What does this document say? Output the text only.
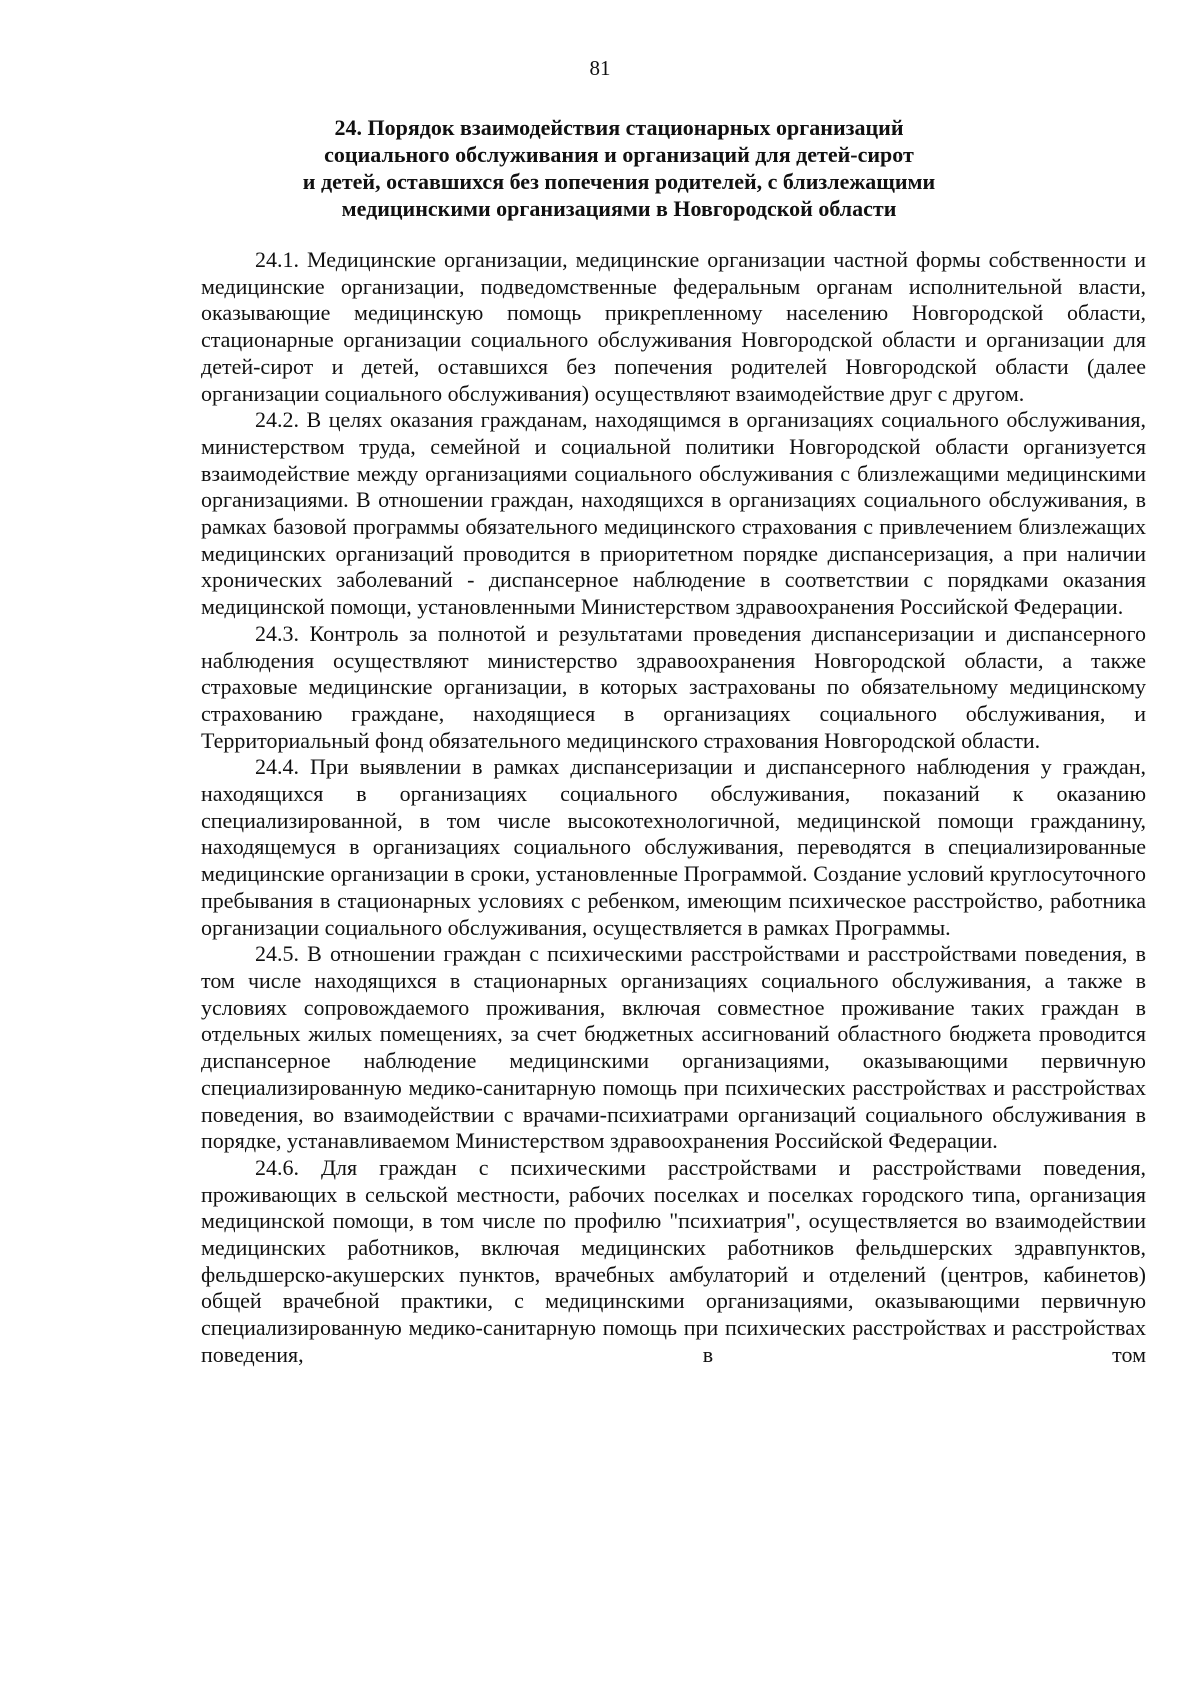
81
24. Порядок взаимодействия стационарных организаций
социального обслуживания и организаций для детей-сирот
и детей, оставшихся без попечения родителей, с близлежащими
медицинскими организациями в Новгородской области

24.1. Медицинские организации, медицинские организации частной формы собственности и медицинские организации, подведомственные федеральным органам исполнительной власти, оказывающие медицинскую помощь прикрепленному населению Новгородской области, стационарные организации социального обслуживания Новгородской области и организации для детей-сирот и детей, оставшихся без попечения родителей Новгородской области (далее организации социального обслуживания) осуществляют взаимодействие друг с другом.

24.2. В целях оказания гражданам, находящимся в организациях социального обслуживания, министерством труда, семейной и социальной политики Новгородской области организуется взаимодействие между организациями социального обслуживания с близлежащими медицинскими организациями. В отношении граждан, находящихся в организациях социального обслуживания, в рамках базовой программы обязательного медицинского страхования с привлечением близлежащих медицинских организаций проводится в приоритетном порядке диспансеризация, а при наличии хронических заболеваний - диспансерное наблюдение в соответствии с порядками оказания медицинской помощи, установленными Министерством здравоохранения Российской Федерации.

24.3. Контроль за полнотой и результатами проведения диспансеризации и диспансерного наблюдения осуществляют министерство здравоохранения Новгородской области, а также страховые медицинские организации, в которых застрахованы по обязательному медицинскому страхованию граждане, находящиеся в организациях социального обслуживания, и Территориальный фонд обязательного медицинского страхования Новгородской области.

24.4. При выявлении в рамках диспансеризации и диспансерного наблюдения у граждан, находящихся в организациях социального обслуживания, показаний к оказанию специализированной, в том числе высокотехнологичной, медицинской помощи гражданину, находящемуся в организациях социального обслуживания, переводятся в специализированные медицинские организации в сроки, установленные Программой. Создание условий круглосуточного пребывания в стационарных условиях с ребенком, имеющим психическое расстройство, работника организации социального обслуживания, осуществляется в рамках Программы.

24.5. В отношении граждан с психическими расстройствами и расстройствами поведения, в том числе находящихся в стационарных организациях социального обслуживания, а также в условиях сопровождаемого проживания, включая совместное проживание таких граждан в отдельных жилых помещениях, за счет бюджетных ассигнований областного бюджета проводится диспансерное наблюдение медицинскими организациями, оказывающими первичную специализированную медико-санитарную помощь при психических расстройствах и расстройствах поведения, во взаимодействии с врачами-психиатрами организаций социального обслуживания в порядке, устанавливаемом Министерством здравоохранения Российской Федерации.

24.6. Для граждан с психическими расстройствами и расстройствами поведения, проживающих в сельской местности, рабочих поселках и поселках городского типа, организация медицинской помощи, в том числе по профилю "психиатрия", осуществляется во взаимодействии медицинских работников, включая медицинских работников фельдшерских здравпунктов, фельдшерско-акушерских пунктов, врачебных амбулаторий и отделений (центров, кабинетов) общей врачебной практики, с медицинскими организациями, оказывающими первичную специализированную медико-санитарную помощь при психических расстройствах и расстройствах поведения, в том
